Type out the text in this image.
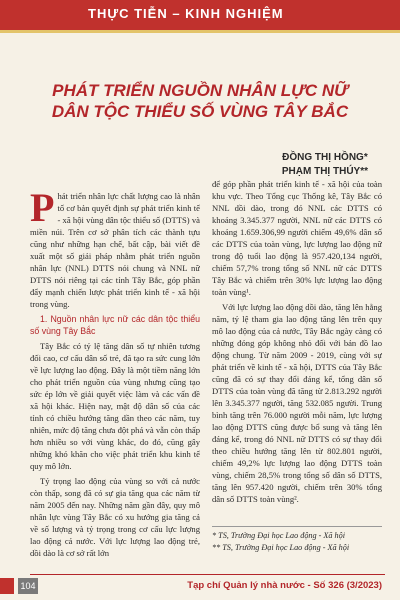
THỰC TIỄN – KINH NGHIỆM
PHÁT TRIỂN NGUỒN NHÂN LỰC NỮ
DÂN TỘC THIỂU SỐ VÙNG TÂY BẮC
ĐỒNG THỊ HỒNG*
PHẠM THỊ THÚY**

Phát triển nhân lực chất lượng cao là nhân tố cơ bản quyết định sự phát triển kinh tế - xã hội vùng dân tộc thiểu số (DTTS) và miền núi. Trên cơ sở phân tích các thành tựu cũng như những hạn chế, bất cập, bài viết đề xuất một số giải pháp nhằm phát triển nguồn nhân lực (NNL) DTTS nói chung và NNL nữ DTTS nói riêng tại các tỉnh Tây Bắc, góp phần đẩy mạnh chiến lược phát triển kinh tế - xã hội trong vùng.

1. Nguồn nhân lực nữ các dân tộc thiểu số vùng Tây Bắc

Tây Bắc có tỷ lệ tăng dân số tự nhiên tương đối cao, cơ cấu dân số trẻ, đã tạo ra sức cung lớn về lực lượng lao động. Đây là một tiềm năng lớn cho phát triển nguồn của vùng nhưng cũng tạo sức ép lớn về giải quyết việc làm và các vấn đề xã hội khác. Hiện nay, mật độ dân số của các tỉnh có chiều hướng tăng dần theo các năm, tuy nhiên, mức độ tăng chưa đột phá và vẫn còn thấp hơn nhiều so với vùng khác, do đó, cũng gây những khó khăn cho việc phát triển khu kinh tế quy mô lớn.

Tỷ trọng lao động của vùng so với cả nước còn thấp, song đã có sự gia tăng qua các năm từ năm 2005 đến nay. Những năm gần đây, quy mô nhân lực vùng Tây Bắc có xu hướng gia tăng cả về số lượng và tỷ trọng trong cơ cấu lực lượng lao động cả nước. Với lực lượng lao động trẻ, dồi dào là cơ sở rất lớn

để góp phần phát triển kinh tế - xã hội của toàn khu vực. Theo Tổng cục Thống kê, Tây Bắc có NNL dồi dào, trong đó NNL các DTTS có khoảng 3.345.377 người, NNL nữ các DTTS có khoảng 1.659.306,99 người chiếm 49,6% dân số các DTTS của toàn vùng, lực lượng lao động nữ trong độ tuổi lao động là 957.420,134 người, chiếm 57,7% trong tổng số NNL nữ các DTTS Tây Bắc và chiếm trên 30% lực lượng lao động toàn vùng¹.

Với lực lượng lao động dồi dào, tăng lên hằng năm, tỷ lệ tham gia lao động tăng lên trên quy mô lao động của cả nước, Tây Bắc ngày càng có những đóng góp không nhỏ đối với bản đồ lao động chung. Từ năm 2009 - 2019, cùng với sự phát triển về kinh tế - xã hội, DTTS của Tây Bắc cũng đã có sự thay đổi đáng kể, tổng dân số DTTS của toàn vùng đã tăng từ 2.813.292 người lên 3.345.377 người, tăng 532.085 người. Trung bình tăng trên 76.000 người mỗi năm, lực lượng lao động DTTS cũng được bổ sung và tăng lên đáng kể, trong đó NNL nữ DTTS có sự thay đổi theo chiều hướng tăng lên từ 802.801 người, chiếm 49,2% lực lượng lao động DTTS toàn vùng, chiếm 28,5% trong tổng số dân số DTTS, tăng lên 957.420 người, chiếm trên 30% tổng dân số DTTS toàn vùng².

* TS, Trường Đại học Lao động - Xã hội
** TS, Trường Đại học Lao động - Xã hội
104	Tạp chí Quản lý nhà nước - Số 326 (3/2023)
